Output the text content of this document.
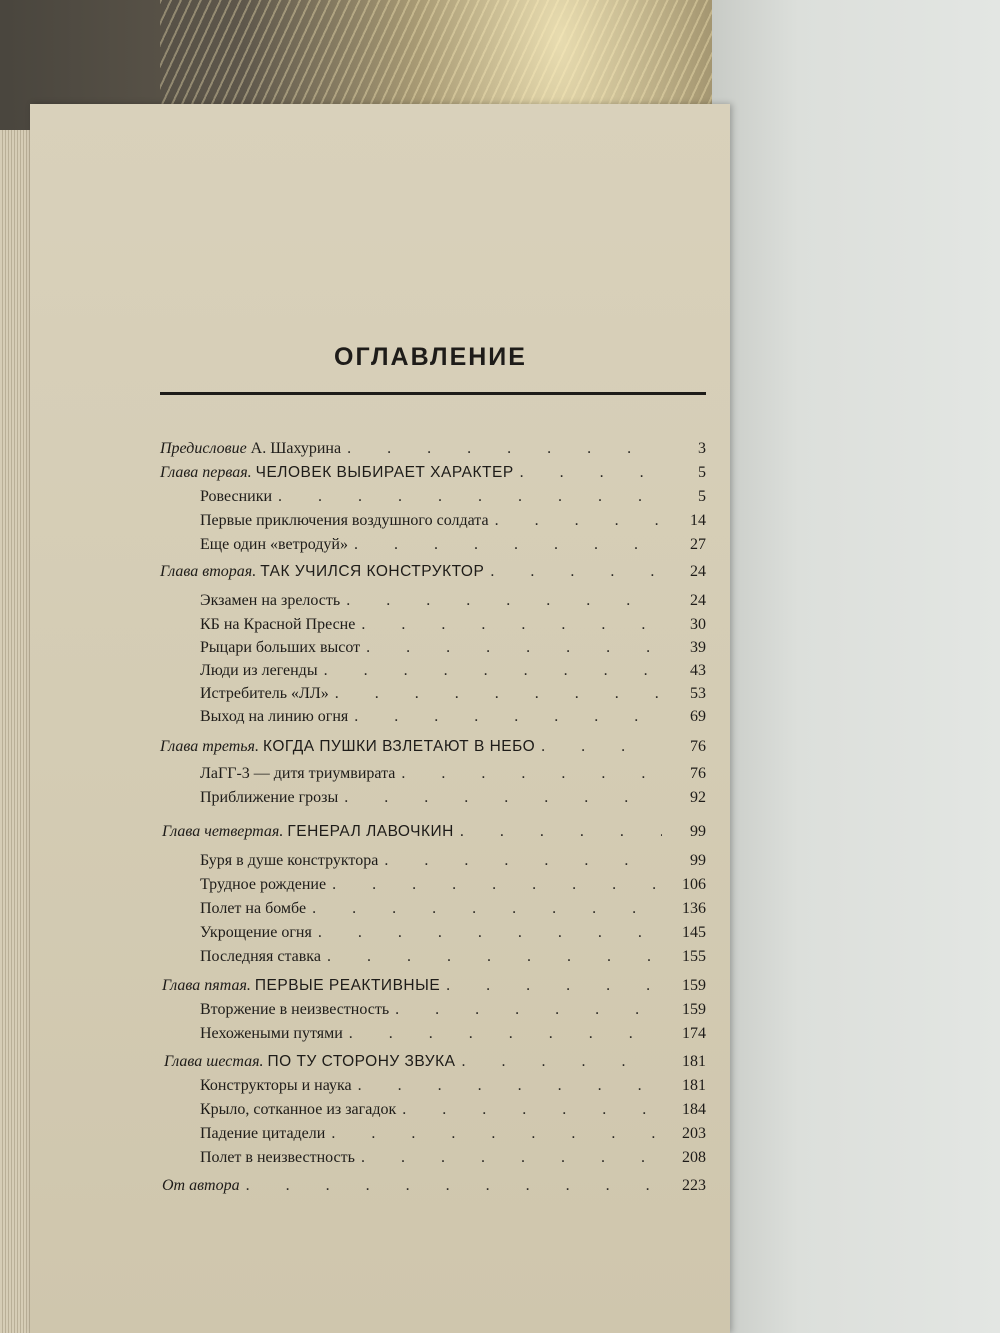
ОГЛАВЛЕНИЕ
Предисловие А. Шахурина . . .	3
Глава первая. ЧЕЛОВЕК ВЫБИРАЕТ ХАРАКТЕР . . .	5
Ровесники . . .	5
Первые приключения воздушного солдата . . .	14
Еще один «ветродуй» . . .	27
Глава вторая. ТАК УЧИЛСЯ КОНСТРУКТОР . . .	24
Экзамен на зрелость . . .	24
КБ на Красной Пресне . . .	30
Рыцари больших высот . . .	39
Люди из легенды . . .	43
Истребитель «ЛЛ» . . .	53
Выход на линию огня . . .	69
Глава третья. КОГДА ПУШКИ ВЗЛЕТАЮТ В НЕБО . . .	76
ЛаГГ-3 — дитя триумвирата . . .	76
Приближение грозы . . .	92
Глава четвертая. ГЕНЕРАЛ ЛАВОЧКИН . . .	99
Буря в душе конструктора . . .	99
Трудное рождение . . .	106
Полет на бомбе . . .	136
Укрощение огня . . .	145
Последняя ставка . . .	155
Глава пятая. ПЕРВЫЕ РЕАКТИВНЫЕ . . .	159
Вторжение в неизвестность . . .	159
Нехожеными путями . . .	174
Глава шестая. ПО ТУ СТОРОНУ ЗВУКА . . .	181
Конструкторы и наука . . .	181
Крыло, сотканное из загадок . . .	184
Падение цитадели . . .	203
Полет в неизвестность . . .	208
От автора . . .	223
